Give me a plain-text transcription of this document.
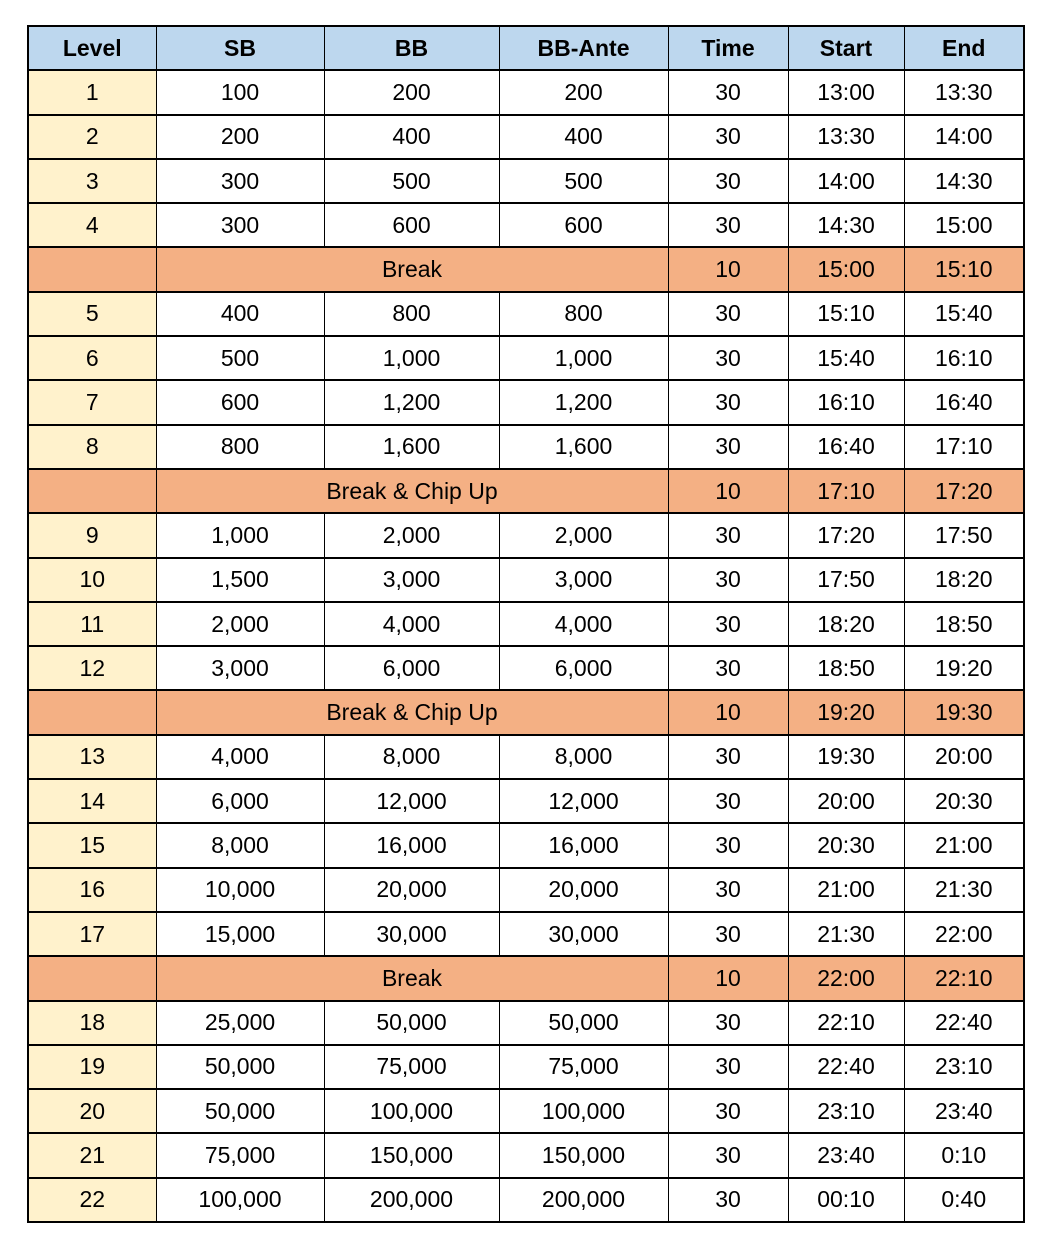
Level	SB	BB	BB-Ante	Time	Start	End
1	100	200	200	30	13:00	13:30
2	200	400	400	30	13:30	14:00
3	300	500	500	30	14:00	14:30
4	300	600	600	30	14:30	15:00
	Break			10	15:00	15:10
5	400	800	800	30	15:10	15:40
6	500	1,000	1,000	30	15:40	16:10
7	600	1,200	1,200	30	16:10	16:40
8	800	1,600	1,600	30	16:40	17:10
	Break & Chip Up			10	17:10	17:20
9	1,000	2,000	2,000	30	17:20	17:50
10	1,500	3,000	3,000	30	17:50	18:20
11	2,000	4,000	4,000	30	18:20	18:50
12	3,000	6,000	6,000	30	18:50	19:20
	Break & Chip Up			10	19:20	19:30
13	4,000	8,000	8,000	30	19:30	20:00
14	6,000	12,000	12,000	30	20:00	20:30
15	8,000	16,000	16,000	30	20:30	21:00
16	10,000	20,000	20,000	30	21:00	21:30
17	15,000	30,000	30,000	30	21:30	22:00
	Break			10	22:00	22:10
18	25,000	50,000	50,000	30	22:10	22:40
19	50,000	75,000	75,000	30	22:40	23:10
20	50,000	100,000	100,000	30	23:10	23:40
21	75,000	150,000	150,000	30	23:40	0:10
22	100,000	200,000	200,000	30	00:10	0:40
